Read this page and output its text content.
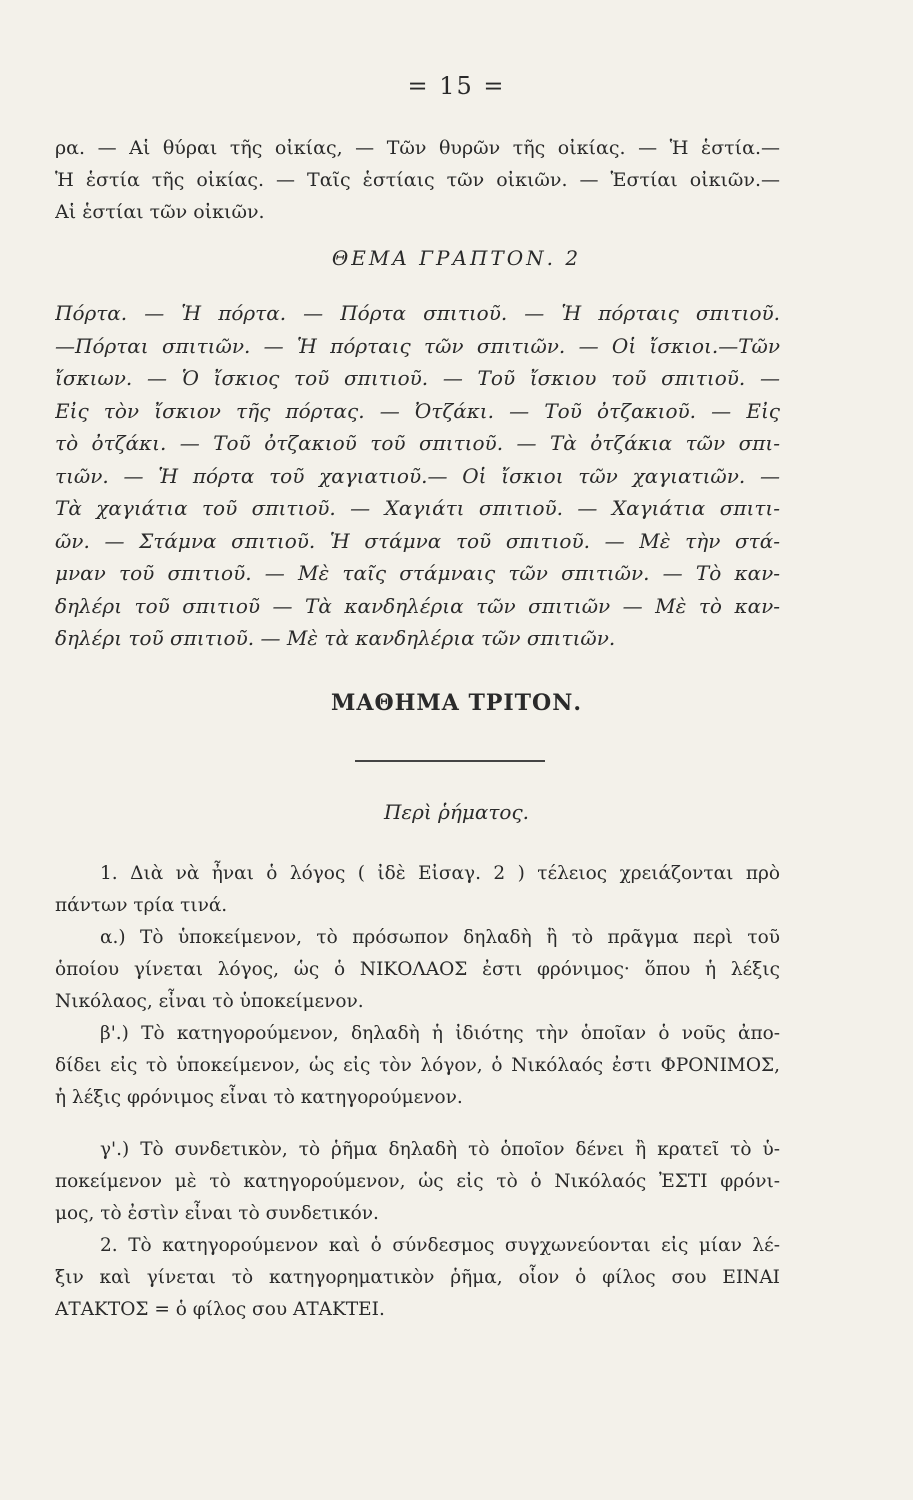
= 15 =
ρα. — Αἱ θύραι τῆς οἰκίας, — Τῶν θυρῶν τῆς οἰκίας. — Ἡ ἑστία.—
Ἡ ἑστία τῆς οἰκίας. — Ταῖς ἑστίαις τῶν οἰκιῶν. — Ἑστίαι οἰκιῶν.—
Αἱ ἑστίαι τῶν οἰκιῶν.
ΘΕΜΑ ΓΡΑΠΤΟΝ. 2
Πόρτα. — Ἡ πόρτα. — Πόρτα σπιτιοῦ. — Ἡ πόρταις σπιτιοῦ.
—Πόρται σπιτιῶν. — Ἡ πόρταις τῶν σπιτιῶν. — Οἱ ἴσκιοι.—Τῶν
ἴσκιων. — Ὁ ἴσκιος τοῦ σπιτιοῦ. — Τοῦ ἴσκιου τοῦ σπιτιοῦ. —
Εἰς τὸν ἴσκιον τῆς πόρτας. — Ὀτζάκι. — Τοῦ ὀτζακιοῦ. — Εἰς
τὸ ὀτζάκι. — Τοῦ ὀτζακιοῦ τοῦ σπιτιοῦ. — Τὰ ὀτζάκια τῶν σπι-
τιῶν. — Ἡ πόρτα τοῦ χαγιατιοῦ.— Οἱ ἴσκιοι τῶν χαγιατιῶν. —
Τὰ χαγιάτια τοῦ σπιτιοῦ. — Χαγιάτι σπιτιοῦ. — Χαγιάτια σπιτι-
ῶν. — Στάμνα σπιτιοῦ. Ἡ στάμνα τοῦ σπιτιοῦ. — Μὲ τὴν στά-
μναν τοῦ σπιτιοῦ. — Μὲ ταῖς στάμναις τῶν σπιτιῶν. — Τὸ καν-
δηλέρι τοῦ σπιτιοῦ — Τὰ κανδηλέρια τῶν σπιτιῶν — Μὲ τὸ καν-
δηλέρι τοῦ σπιτιοῦ. — Μὲ τὰ κανδηλέρια τῶν σπιτιῶν.
ΜΑΘΗΜΑ ΤΡΙΤΟΝ.
Περὶ ῥήματος.
1. Διὰ νὰ ἦναι ὁ λόγος ( ἰδὲ Εἰσαγ. 2 ) τέλειος χρειάζονται πρὸ
πάντων τρία τινά.
α.) Τὸ ὑποκείμενον, τὸ πρόσωπον δηλαδὴ ἢ τὸ πρᾶγμα περὶ τοῦ
ὁποίου γίνεται λόγος, ὡς ὁ ΝΙΚΟΛΑΟΣ ἐστι φρόνιμος· ὅπου ἡ λέξις
Νικόλαος, εἶναι τὸ ὑποκείμενον.
β'.) Τὸ κατηγορούμενον, δηλαδὴ ἡ ἰδιότης τὴν ὁποῖαν ὁ νοῦς ἀπο-
δίδει εἰς τὸ ὑποκείμενον, ὡς εἰς τὸν λόγον, ὁ Νικόλαός ἐστι ΦΡΟΝΙΜΟΣ,
ἡ λέξις φρόνιμος εἶναι τὸ κατηγορούμενον.
γ'.) Τὸ συνδετικὸν, τὸ ῥῆμα δηλαδὴ τὸ ὁποῖον δένει ἢ κρατεῖ τὸ ὑ-
ποκείμενον μὲ τὸ κατηγορούμενον, ὡς εἰς τὸ ὁ Νικόλαός ἘΣΤΙ φρόνι-
μος, τὸ ἐστὶν εἶναι τὸ συνδετικόν.
2. Τὸ κατηγορούμενον καὶ ὁ σύνδεσμος συγχωνεύονται εἰς μίαν λέ-
ξιν καὶ γίνεται τὸ κατηγορηματικὸν ῥῆμα, οἷον ὁ φίλος σου ΕΙΝΑΙ
ΑΤΑΚΤΟΣ = ὁ φίλος σου ΑΤΑΚΤΕΙ.
